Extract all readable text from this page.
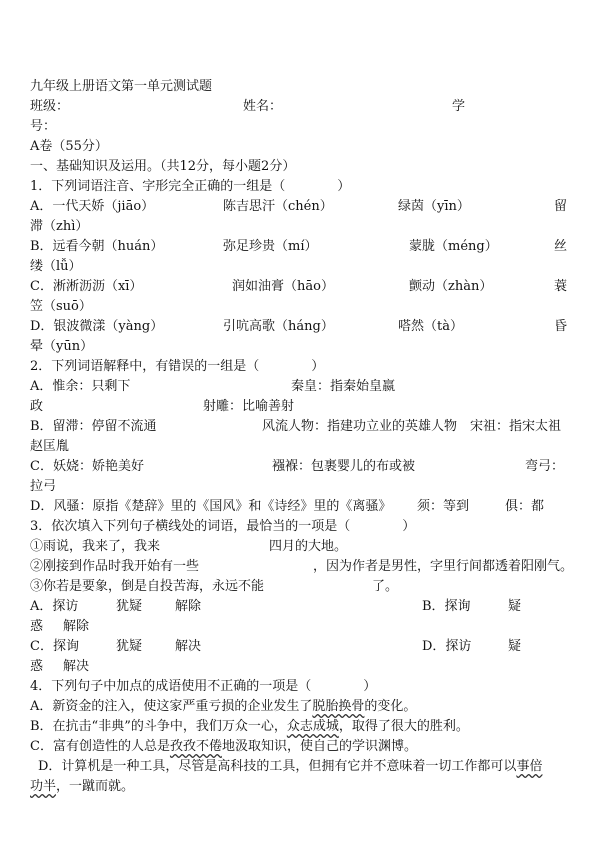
九年级上册语文第一单元测试题
班级：	姓名：	学
号：
A卷（55分）
一、基础知识及运用。（共12分，每小题2分）
1．下列词语注音、字形完全正确的一组是（　　　　）
A．一代天娇（jiāo）	陈吉思汗（chén）	绿茵（yīn）	留
滞（zhì）
B．远看今朝（huán）	弥足珍贵（mí）	蒙胧（méng）	丝
缕（lǚ）
C．淅淅沥沥（xī）	润如油膏（hāo）	颤动（zhàn）	蓑
笠（suō）
D．银波微漾（yàng）	引吭高歌（háng）	嗒然（tà）	昏
晕（yūn）
2．下列词语解释中，有错误的一组是（　　　　）
A．惟余：只剩下	秦皇：指秦始皇嬴
政	射雕：比喻善射
B．留滞：停留不流通	风流人物：指建功立业的英雄人物 宋祖：指宋太祖
赵匡胤
C．妖娆：娇艳美好	襁褓：包裹婴儿的布或被	弯弓：
拉弓
D．风骚：原指《楚辞》里的《国风》和《诗经》里的《离骚》 须：等到	俱：都
3．依次填入下列句子横线处的词语，最恰当的一项是（　　　　）
①雨说，我来了，我来	四月的大地。
②刚接到作品时我开始有一些	，因为作者是男性，字里行间都透着阳刚气。
③你若是要象，倒是自投苦海，永远不能	了。
A．探访	犹疑	解除	B．探询	疑
惑 解除
C．探询	犹疑	解决	D．探访	疑
惑 解决
4．下列句子中加点的成语使用不正确的一项是（　　　　）
A．新资金的注入，使这家严重亏损的企业发生了脱胎换骨的变化。
B．在抗击“非典”的斗争中，我们万众一心，众志成城，取得了很大的胜利。
C．富有创造性的人总是孜孜不倦地汲取知识，使自己的学识渊博。
D．计算机是一种工具，尽管是高科技的工具，但拥有它并不意味着一切工作都可以事倍
功半，一蹴而就。
